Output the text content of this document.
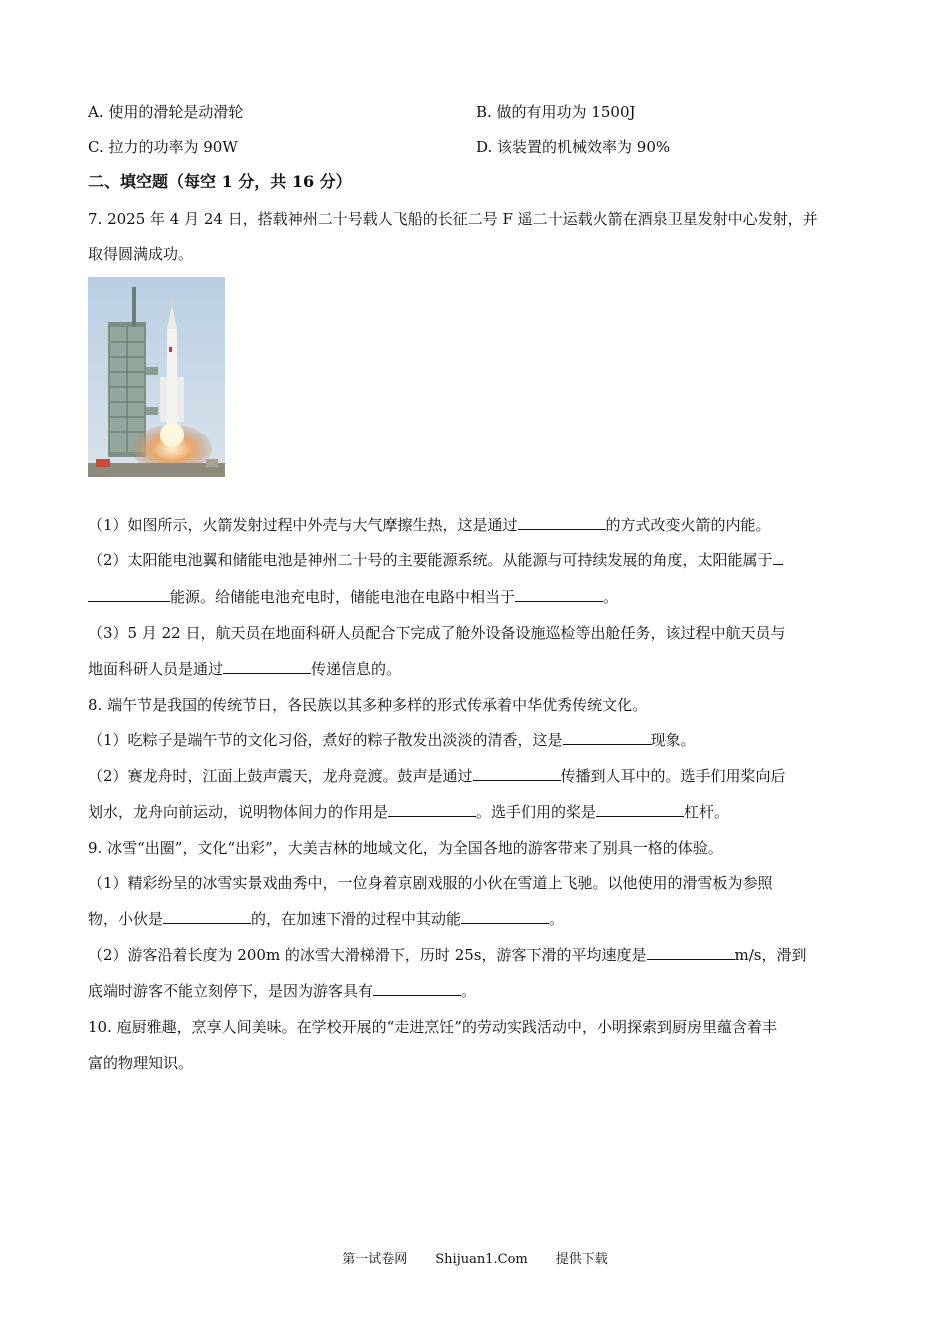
A. 使用的滑轮是动滑轮	B. 做的有用功为 1500J
C. 拉力的功率为 90W	D. 该装置的机械效率为 90%
二、填空题（每空 1 分，共 16 分）
7. 2025 年 4 月 24 日，搭载神州二十号载人飞船的长征二号 F 遥二十运载火箭在酒泉卫星发射中心发射，并
取得圆满成功。
（1）如图所示，火箭发射过程中外壳与大气摩擦生热，这是通过	的方式改变火箭的内能。
（2）太阳能电池翼和储能电池是神州二十号的主要能源系统。从能源与可持续发展的角度，太阳能属于
能源。给储能电池充电时，储能电池在电路中相当于	。
（3）5 月 22 日，航天员在地面科研人员配合下完成了舱外设备设施巡检等出舱任务，该过程中航天员与
地面科研人员是通过	传递信息的。
8. 端午节是我国的传统节日，各民族以其多种多样的形式传承着中华优秀传统文化。
（1）吃粽子是端午节的文化习俗，煮好的粽子散发出淡淡的清香，这是	现象。
（2）赛龙舟时，江面上鼓声震天，龙舟竞渡。鼓声是通过	传播到人耳中的。选手们用桨向后
划水，龙舟向前运动，说明物体间力的作用是	。选手们用的桨是	杠杆。
9. 冰雪“出圈”，文化“出彩”，大美吉林的地域文化，为全国各地的游客带来了别具一格的体验。
（1）精彩纷呈的冰雪实景戏曲秀中，一位身着京剧戏服的小伙在雪道上飞驰。以他使用的滑雪板为参照
物，小伙是	的，在加速下滑的过程中其动能	。
（2）游客沿着长度为 200m 的冰雪大滑梯滑下，历时 25s，游客下滑的平均速度是	m/s，滑到
底端时游客不能立刻停下，是因为游客具有	。
10. 庖厨雅趣，烹享人间美味。在学校开展的“走进烹饪”的劳动实践活动中，小明探索到厨房里蕴含着丰
富的物理知识。
第一试卷网 Shijuan1.Com 提供下载
